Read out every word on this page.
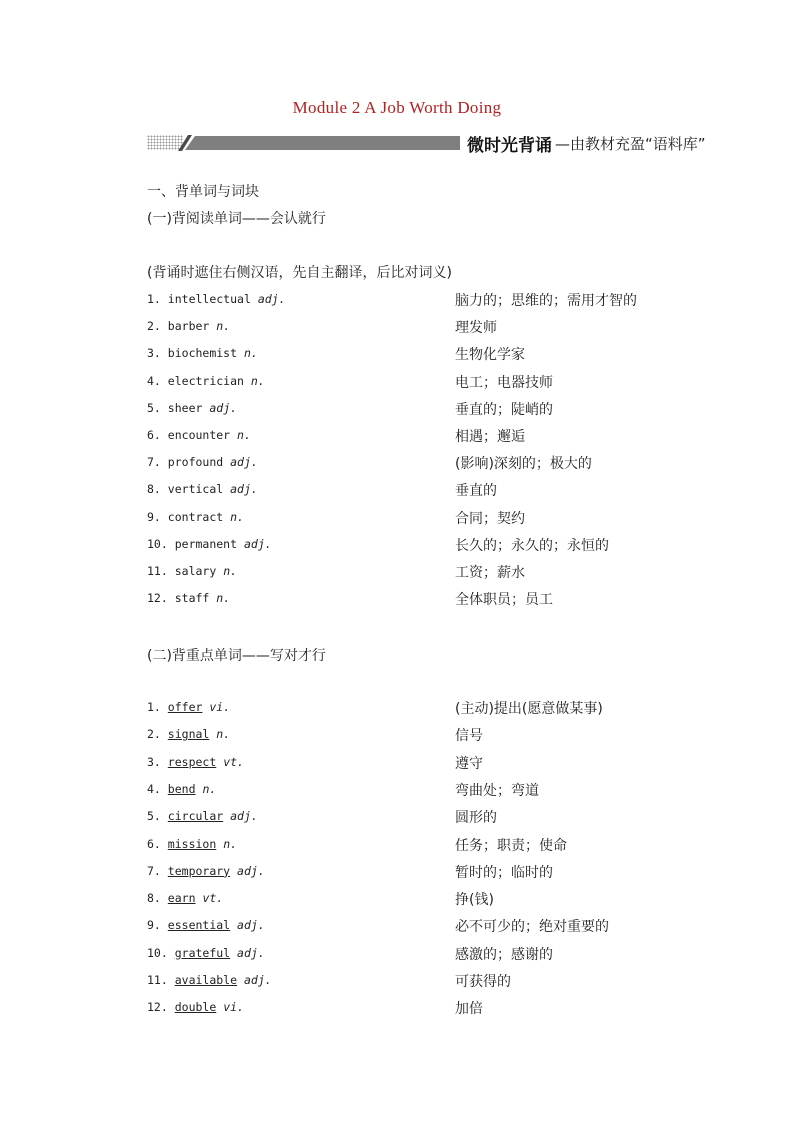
Module 2 A Job Worth Doing
微时光背诵 —由教材充盈“语料库”
一、背单词与词块
(一)背阅读单词——会认就行
(背诵时遮住右侧汉语，先自主翻译，后比对词义)
1. intellectual adj.	脑力的；思维的；需用才智的
2. barber n.	理发师
3. biochemist n.	生物化学家
4. electrician n.	电工；电器技师
5. sheer adj.	垂直的；陡峭的
6. encounter n.	相遇；邂逅
7. profound adj.	(影响)深刻的；极大的
8. vertical adj.	垂直的
9. contract n.	合同；契约
10. permanent adj.	长久的；永久的；永恒的
11. salary n.	工资；薪水
12. staff n.	全体职员；员工
(二)背重点单词——写对才行
1. offer vi.	(主动)提出(愿意做某事)
2. signal n.	信号
3. respect vt.	遵守
4. bend n.	弯曲处；弯道
5. circular adj.	圆形的
6. mission n.	任务；职责；使命
7. temporary adj.	暂时的；临时的
8. earn vt.	挣(钱)
9. essential adj.	必不可少的；绝对重要的
10. grateful adj.	感激的；感谢的
11. available adj.	可获得的
12. double vi.	加倍
